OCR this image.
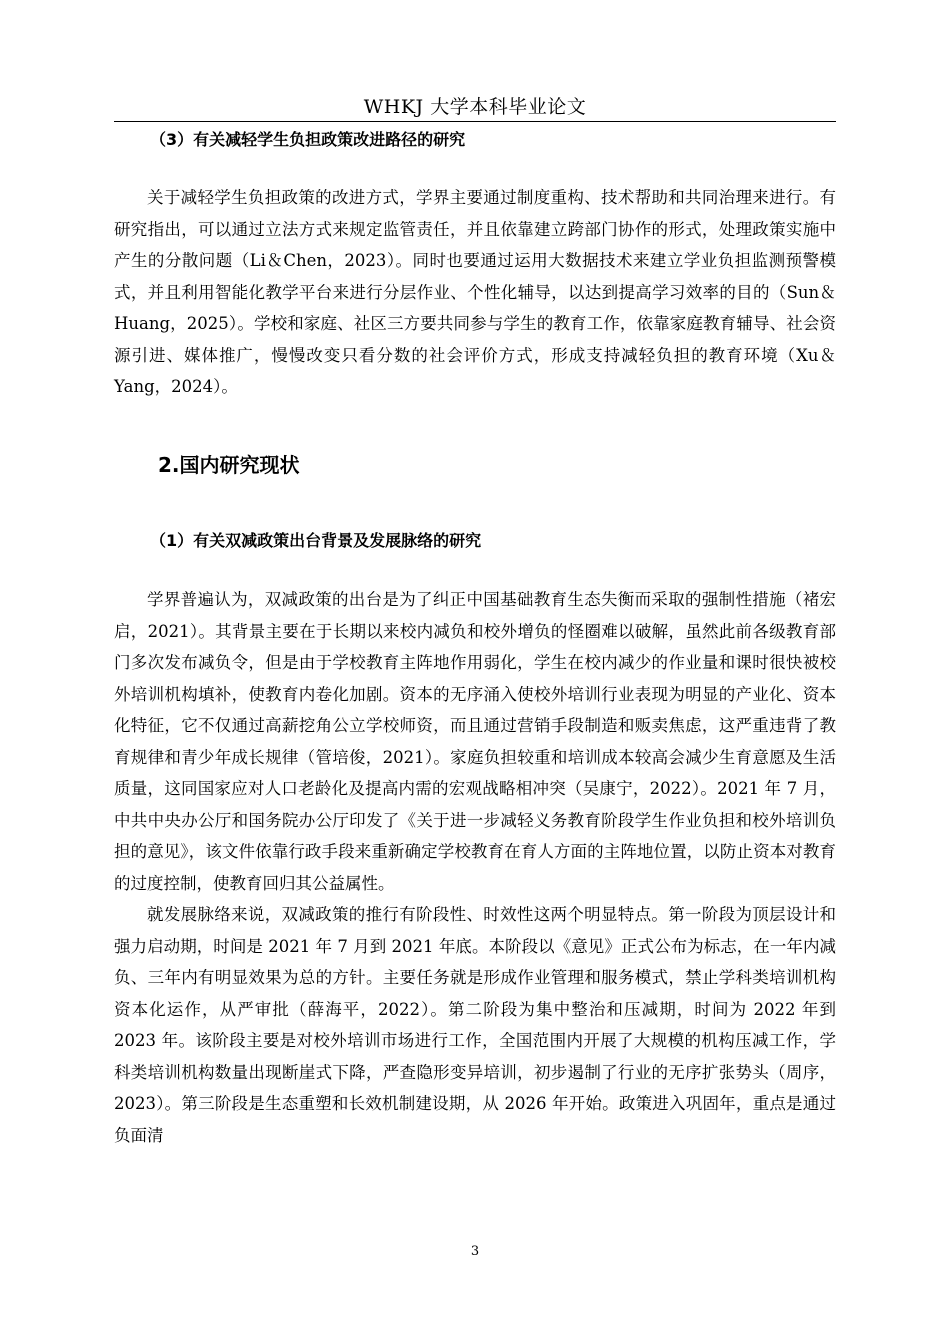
WHKJ 大学本科毕业论文
（3）有关减轻学生负担政策改进路径的研究

关于减轻学生负担政策的改进方式，学界主要通过制度重构、技术帮助和共同治理来进行。有研究指出，可以通过立法方式来规定监管责任，并且依靠建立跨部门协作的形式，处理政策实施中产生的分散问题（Li＆Chen，2023）。同时也要通过运用大数据技术来建立学业负担监测预警模式，并且利用智能化教学平台来进行分层作业、个性化辅导，以达到提高学习效率的目的（Sun＆Huang，2025）。学校和家庭、社区三方要共同参与学生的教育工作，依靠家庭教育辅导、社会资源引进、媒体推广，慢慢改变只看分数的社会评价方式，形成支持减轻负担的教育环境（Xu＆Yang，2024）。

2.国内研究现状
（1）有关双减政策出台背景及发展脉络的研究

学界普遍认为，双减政策的出台是为了纠正中国基础教育生态失衡而采取的强制性措施（褚宏启，2021）。其背景主要在于长期以来校内减负和校外增负的怪圈难以破解，虽然此前各级教育部门多次发布减负令，但是由于学校教育主阵地作用弱化，学生在校内减少的作业量和课时很快被校外培训机构填补，使教育内卷化加剧。资本的无序涌入使校外培训行业表现为明显的产业化、资本化特征，它不仅通过高薪挖角公立学校师资，而且通过营销手段制造和贩卖焦虑，这严重违背了教育规律和青少年成长规律（管培俊，2021）。家庭负担较重和培训成本较高会减少生育意愿及生活质量，这同国家应对人口老龄化及提高内需的宏观战略相冲突（吴康宁，2022）。2021 年 7 月，中共中央办公厅和国务院办公厅印发了《关于进一步减轻义务教育阶段学生作业负担和校外培训负担的意见》，该文件依靠行政手段来重新确定学校教育在育人方面的主阵地位置，以防止资本对教育的过度控制，使教育回归其公益属性。

就发展脉络来说，双减政策的推行有阶段性、时效性这两个明显特点。第一阶段为顶层设计和强力启动期，时间是 2021 年 7 月到 2021 年底。本阶段以《意见》正式公布为标志，在一年内减负、三年内有明显效果为总的方针。主要任务就是形成作业管理和服务模式，禁止学科类培训机构资本化运作，从严审批（薛海平，2022）。第二阶段为集中整治和压减期，时间为 2022 年到 2023 年。该阶段主要是对校外培训市场进行工作，全国范围内开展了大规模的机构压减工作，学科类培训机构数量出现断崖式下降，严查隐形变异培训，初步遏制了行业的无序扩张势头（周序，2023）。第三阶段是生态重塑和长效机制建设期，从 2026 年开始。政策进入巩固年，重点是通过负面清

3
